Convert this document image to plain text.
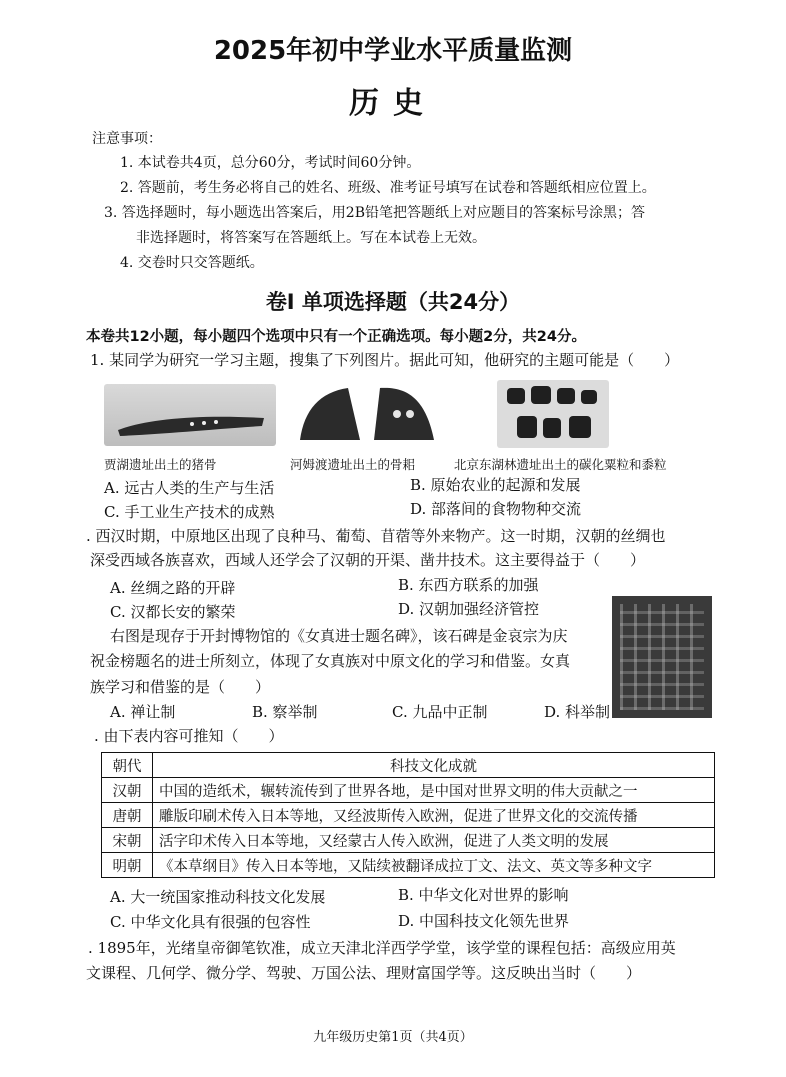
2025年初中学业水平质量监测
历史
注意事项：
1. 本试卷共4页，总分60分，考试时间60分钟。
2. 答题前，考生务必将自己的姓名、班级、准考证号填写在试卷和答题纸相应位置上。
3. 答选择题时，每小题选出答案后，用2B铅笔把答题纸上对应题目的答案标号涂黑；答
非选择题时，将答案写在答题纸上。写在本试卷上无效。
4. 交卷时只交答题纸。
卷Ⅰ 单项选择题（共24分）
本卷共12小题，每小题四个选项中只有一个正确选项。每小题2分，共24分。
1. 某同学为研究一学习主题，搜集了下列图片。据此可知，他研究的主题可能是（　　）
贾湖遗址出土的猪骨	河姆渡遗址出土的骨耜	北京东湖林遗址出土的碳化粟粒和黍粒
A. 远古人类的生产与生活	B. 原始农业的起源和发展
C. 手工业生产技术的成熟	D. 部落间的食物物种交流
. 西汉时期，中原地区出现了良种马、葡萄、苜蓿等外来物产。这一时期，汉朝的丝绸也
深受西域各族喜欢，西域人还学会了汉朝的开渠、凿井技术。这主要得益于（　　）
A. 丝绸之路的开辟	B. 东西方联系的加强
C. 汉都长安的繁荣	D. 汉朝加强经济管控
右图是现存于开封博物馆的《女真进士题名碑》，该石碑是金哀宗为庆
祝金榜题名的进士所刻立，体现了女真族对中原文化的学习和借鉴。女真
族学习和借鉴的是（　　）
A. 禅让制	B. 察举制	C. 九品中正制	D. 科举制
. 由下表内容可推知（　　）
朝代	科技文化成就
汉朝	中国的造纸术，辗转流传到了世界各地，是中国对世界文明的伟大贡献之一
唐朝	雕版印刷术传入日本等地，又经波斯传入欧洲，促进了世界文化的交流传播
宋朝	活字印术传入日本等地，又经蒙古人传入欧洲，促进了人类文明的发展
明朝	《本草纲目》传入日本等地，又陆续被翻译成拉丁文、法文、英文等多种文字
A. 大一统国家推动科技文化发展	B. 中华文化对世界的影响
C. 中华文化具有很强的包容性	D. 中国科技文化领先世界
. 1895年，光绪皇帝御笔钦准，成立天津北洋西学学堂，该学堂的课程包括：高级应用英
文课程、几何学、微分学、驾驶、万国公法、理财富国学等。这反映出当时（　　）
九年级历史第1页（共4页）
